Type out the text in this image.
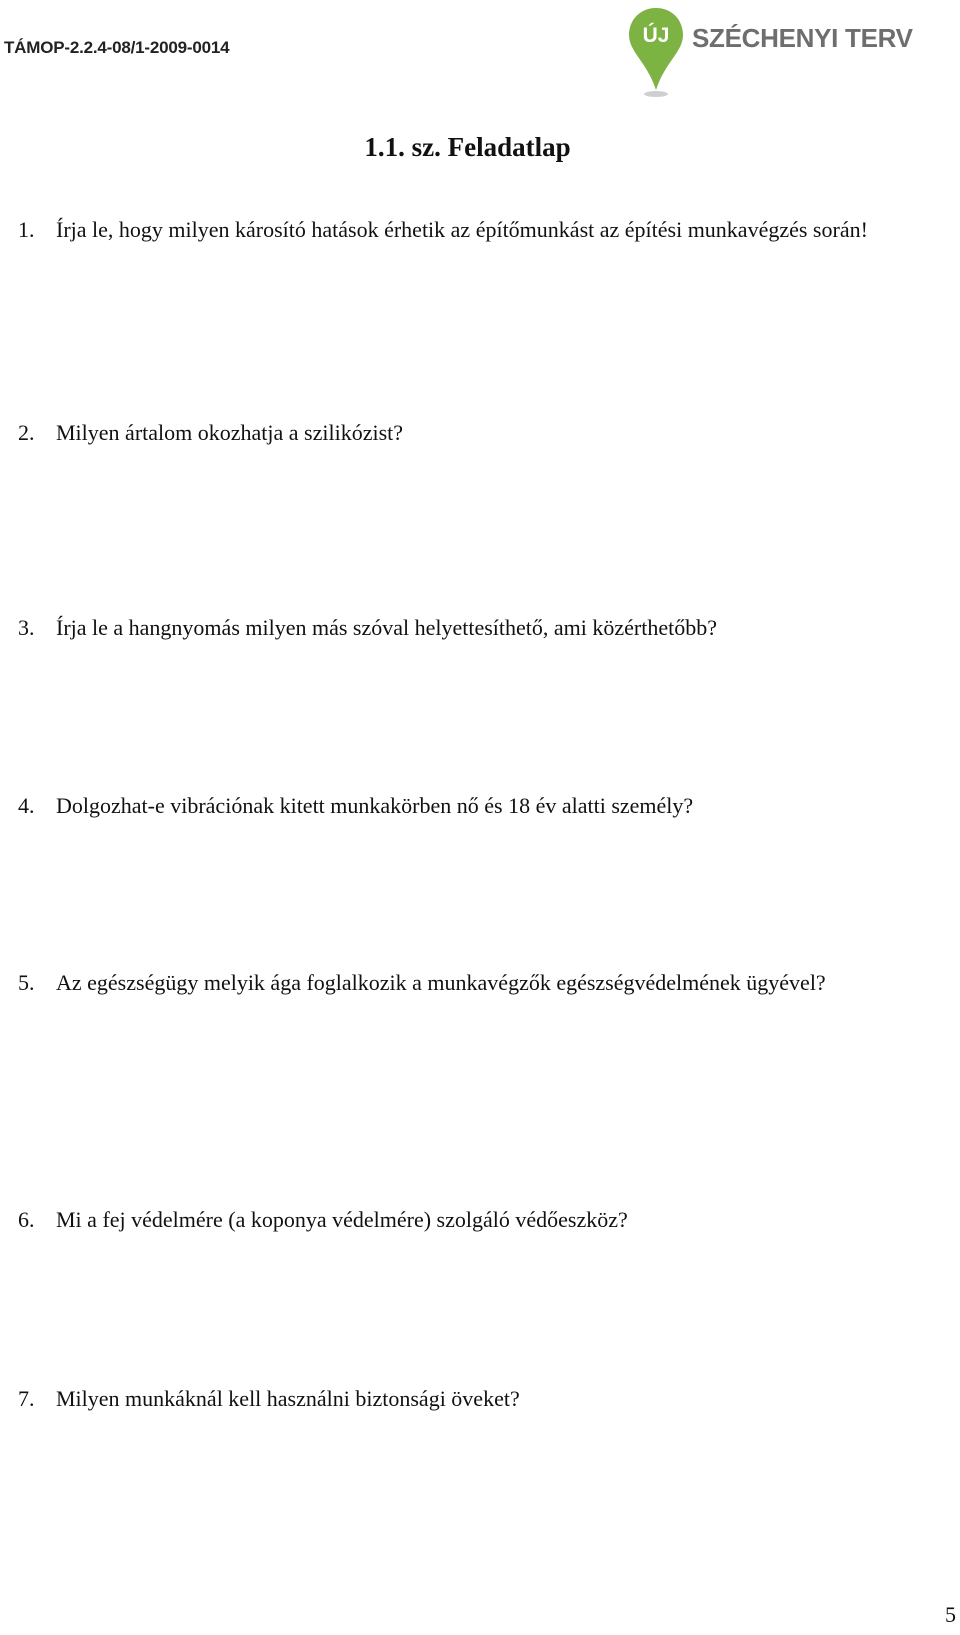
TÁMOP-2.2.4-08/1-2009-0014
ÚJ SZÉCHENYI TERV
1.1. sz. Feladatlap
1. Írja le, hogy milyen károsító hatások érhetik az építőmunkást az építési munkavégzés során!
2. Milyen ártalom okozhatja a szilikózist?
3. Írja le a hangnyomás milyen más szóval helyettesíthető, ami közérthetőbb?
4. Dolgozhat-e vibrációnak kitett munkakörben nő és 18 év alatti személy?
5. Az egészségügy melyik ága foglalkozik a munkavégzők egészségvédelmének ügyével?
6. Mi a fej védelmére (a koponya védelmére) szolgáló védőeszköz?
7. Milyen munkáknál kell használni biztonsági öveket?
5
